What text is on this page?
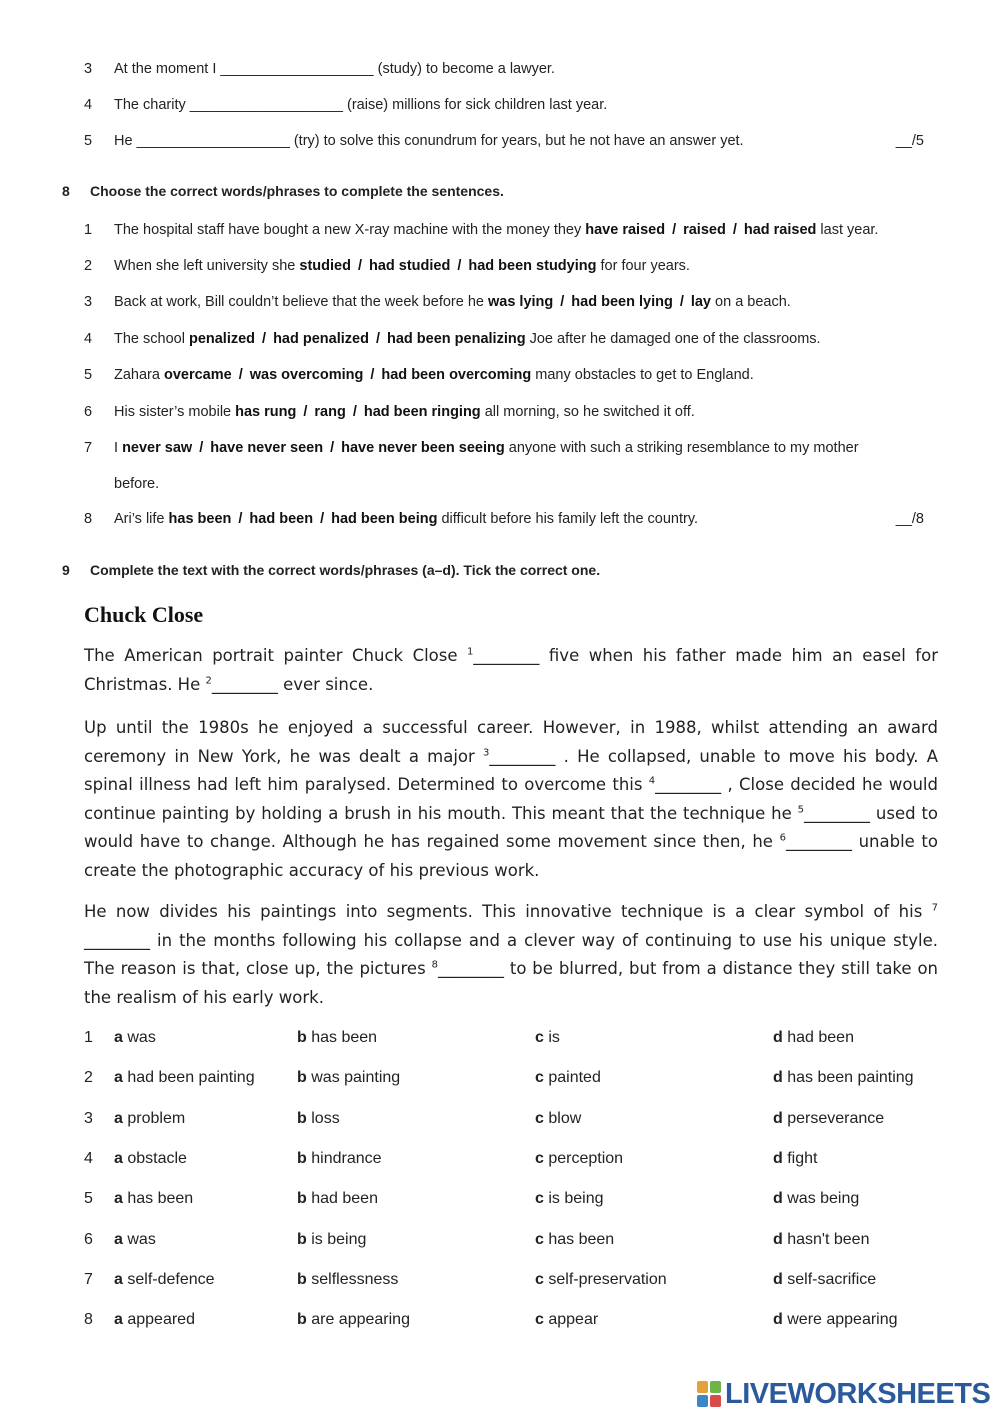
3 At the moment I ___________________ (study) to become a lawyer.
4 The charity ___________________ (raise) millions for sick children last year.
5 He ___________________ (try) to solve this conundrum for years, but he not have an answer yet.	__/5
8 Choose the correct words/phrases to complete the sentences.
1 The hospital staff have bought a new X-ray machine with the money they have raised / raised / had raised last year.
2 When she left university she studied / had studied / had been studying for four years.
3 Back at work, Bill couldn’t believe that the week before he was lying / had been lying / lay on a beach.
4 The school penalized / had penalized / had been penalizing Joe after he damaged one of the classrooms.
5 Zahara overcame / was overcoming / had been overcoming many obstacles to get to England.
6 His sister’s mobile has rung / rang / had been ringing all morning, so he switched it off.
7 I never saw / have never seen / have never been seeing anyone with such a striking resemblance to my mother
before.
8 Ari’s life has been / had been / had been being difficult before his family left the country.	__/8
9 Complete the text with the correct words/phrases (a–d). Tick the correct one.
Chuck Close
The American portrait painter Chuck Close $^1$________ five when his father made him an easel for Christmas. He $^2$________ ever since.
Up until the 1980s he enjoyed a successful career. However, in 1988, whilst attending an award ceremony in New York, he was dealt a major $^3$________ . He collapsed, unable to move his body. A spinal illness had left him paralysed. Determined to overcome this $^4$________ , Close decided he would continue painting by holding a brush in his mouth. This meant that the technique he $^5$________ used to would have to change. Although he has regained some movement since then, he $^6$________ unable to create the photographic accuracy of his previous work.
He now divides his paintings into segments. This innovative technique is a clear symbol of his $^7$________ in the months following his collapse and a clever way of continuing to use his unique style. The reason is that, close up, the pictures $^8$________ to be blurred, but from a distance they still take on the realism of his early work.
1 a was	b has been	c is	d had been
2 a had been painting	b was painting	c painted	d has been painting
3 a problem	b loss	c blow	d perseverance
4 a obstacle	b hindrance	c perception	d fight
5 a has been	b had been	c is being	d was being
6 a was	b is being	c has been	d hasn't been
7 a self-defence	b selflessness	c self-preservation	d self-sacrifice
8 a appeared	b are appearing	c appear	d were appearing
LIVEWORKSHEETS
